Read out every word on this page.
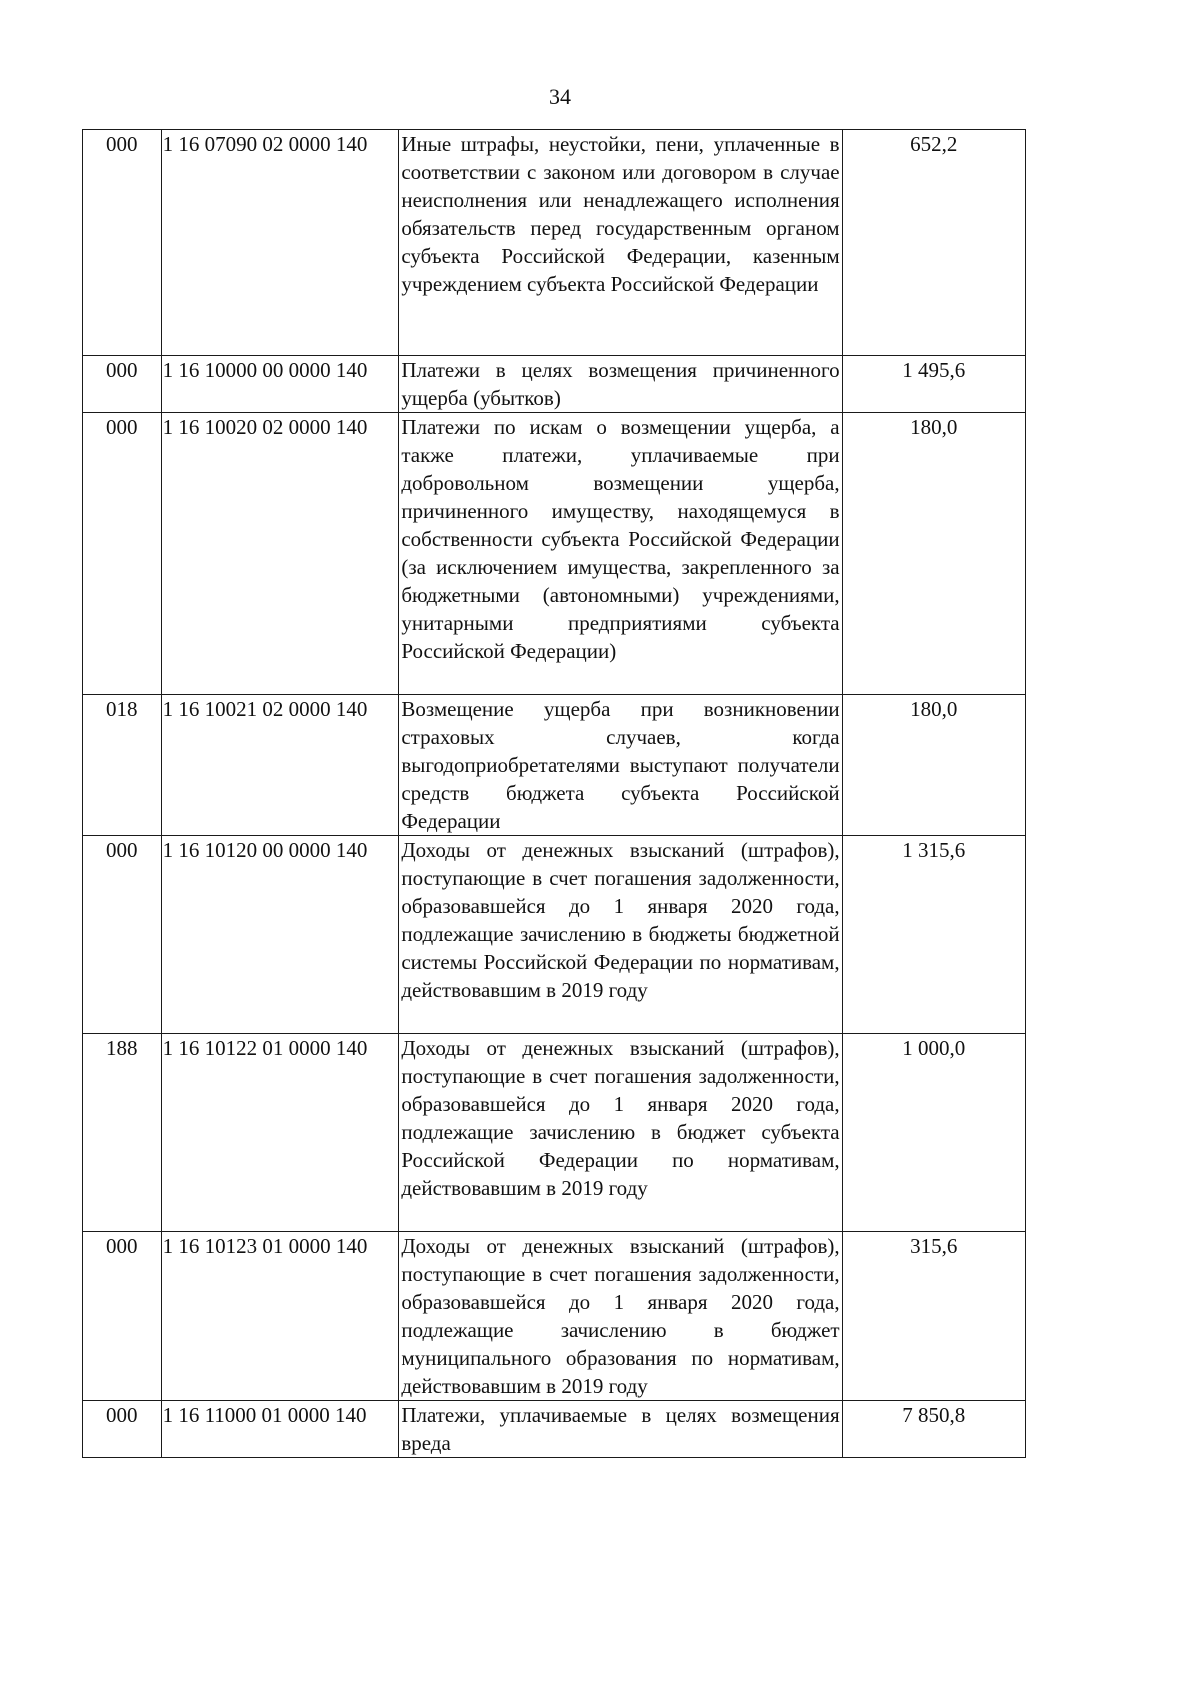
34
000	1 16 07090 02 0000 140	Иные штрафы, неустойки, пени, уплаченные в соответствии с законом или договором в случае неисполнения или ненадлежащего исполнения обязательств перед государственным органом субъекта Российской Федерации, казенным учреждением субъекта Российской Федерации	652,2
000	1 16 10000 00 0000 140	Платежи в целях возмещения причиненного ущерба (убытков)	1 495,6
000	1 16 10020 02 0000 140	Платежи по искам о возмещении ущерба, а также платежи, уплачиваемые при добровольном возмещении ущерба, причиненного имуществу, находящемуся в собственности субъекта Российской Федерации (за исключением имущества, закрепленного за бюджетными (автономными) учреждениями, унитарными предприятиями субъекта Российской Федерации)	180,0
018	1 16 10021 02 0000 140	Возмещение ущерба при возникновении страховых случаев, когда выгодоприобретателями выступают получатели средств бюджета субъекта Российской Федерации	180,0
000	1 16 10120 00 0000 140	Доходы от денежных взысканий (штрафов), поступающие в счет погашения задолженности, образовавшейся до 1 января 2020 года, подлежащие зачислению в бюджеты бюджетной системы Российской Федерации по нормативам, действовавшим в 2019 году	1 315,6
188	1 16 10122 01 0000 140	Доходы от денежных взысканий (штрафов), поступающие в счет погашения задолженности, образовавшейся до 1 января 2020 года, подлежащие зачислению в бюджет субъекта Российской Федерации по нормативам, действовавшим в 2019 году	1 000,0
000	1 16 10123 01 0000 140	Доходы от денежных взысканий (штрафов), поступающие в счет погашения задолженности, образовавшейся до 1 января 2020 года, подлежащие зачислению в бюджет муниципального образования по нормативам, действовавшим в 2019 году	315,6
000	1 16 11000 01 0000 140	Платежи, уплачиваемые в целях возмещения вреда	7 850,8
